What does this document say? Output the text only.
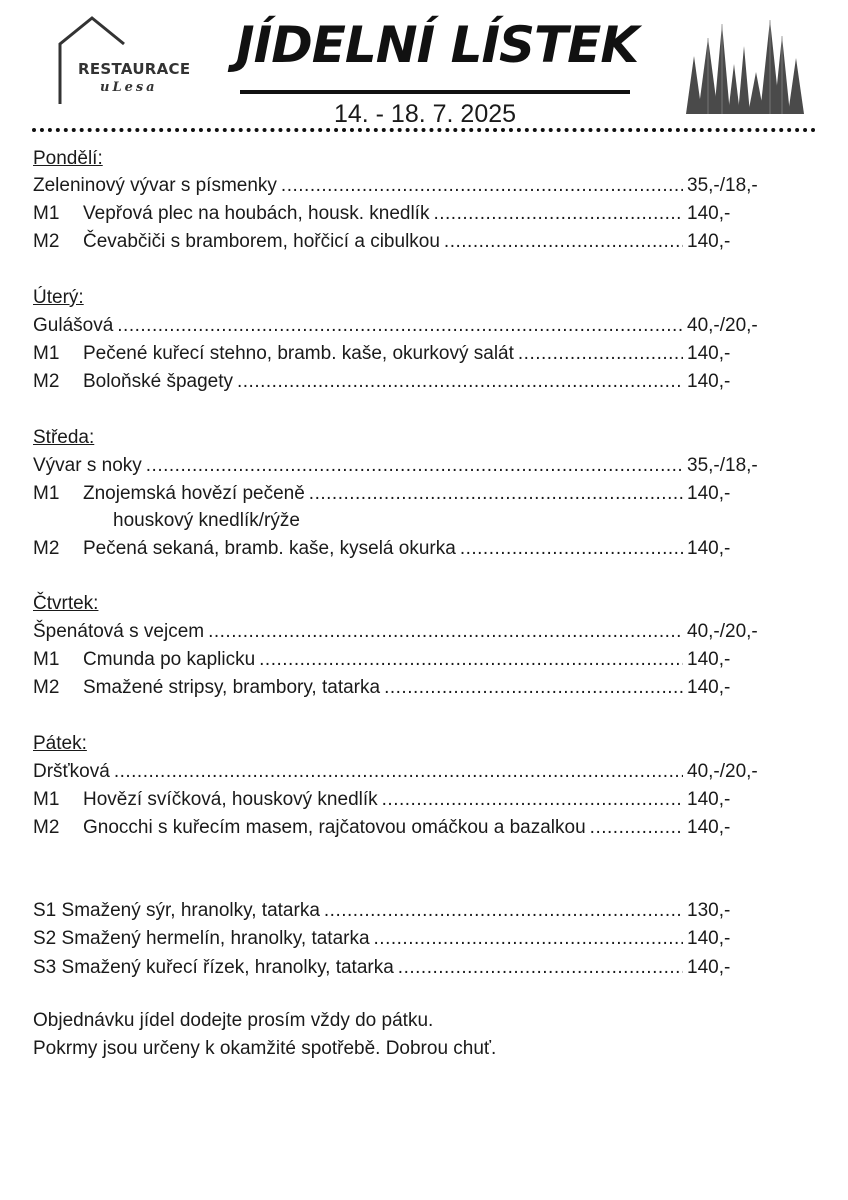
RESTAURACE
uLesa
JÍDELNÍ LÍSTEK
14. - 18. 7. 2025
Pondělí:
Zeleninový vývar s písmenky .....	35,-/18,-
M1	Vepřová plec na houbách, housk. knedlík .....	140,-
M2	Čevabčiči s bramborem, hořčicí a cibulkou .....	140,-
Úterý:
Gulášová .....	40,-/20,-
M1	Pečené kuřecí stehno, bramb. kaše, okurkový salát .....	140,-
M2	Boloňské špagety .....	140,-
Středa:
Vývar s noky .....	35,-/18,-
M1	Znojemská hovězí pečeně .....	140,-
houskový knedlík/rýže
M2	Pečená sekaná, bramb. kaše, kyselá okurka .....	140,-
Čtvrtek:
Špenátová s vejcem .....	40,-/20,-
M1	Cmunda po kaplicku .....	140,-
M2	Smažené stripsy, brambory, tatarka .....	140,-
Pátek:
Dršťková .....	40,-/20,-
M1	Hovězí svíčková, houskový knedlík .....	140,-
M2	Gnocchi s kuřecím masem, rajčatovou omáčkou a bazalkou .....	140,-
S1 Smažený sýr, hranolky, tatarka .....	130,-
S2 Smažený hermelín, hranolky, tatarka .....	140,-
S3 Smažený kuřecí řízek, hranolky, tatarka .....	140,-
Objednávku jídel dodejte prosím vždy do pátku.
Pokrmy jsou určeny k okamžité spotřebě. Dobrou chuť.
